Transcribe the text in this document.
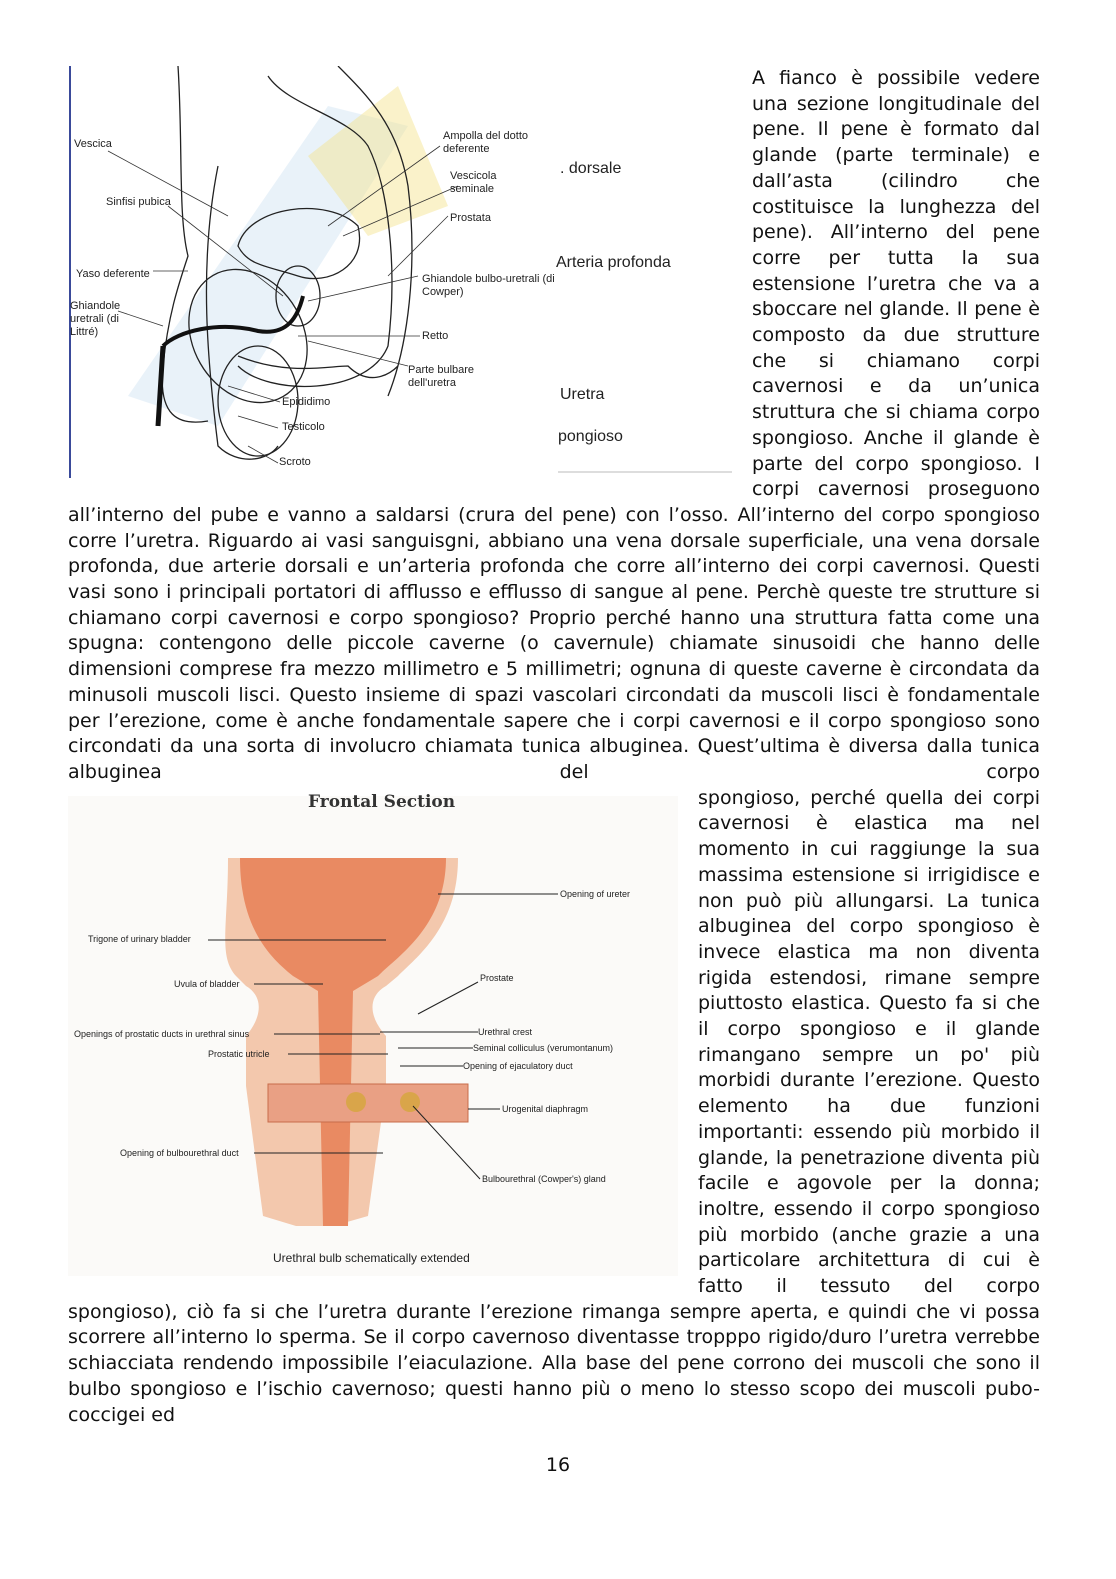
Vescica
Sinfisi pubica
Yaso deferente
Ghiandole uretrali (di Littré)
Ampolla del dotto deferente
Vescicola seminale
Prostata
Ghiandole bulbo-uretrali (di Cowper)
Retto
Parte bulbare dell'uretra
Epididimo
Testicolo
Scroto
. dorsale
Arteria profonda
Uretra
pongioso

A fianco è possibile vedere una sezione longitudinale del pene. Il pene è formato dal glande (parte terminale) e dall’asta (cilindro che costituisce la lunghezza del pene). All’interno del pene corre per tutta la sua estensione l’uretra che va a sboccare nel glande. Il pene è composto da due strutture che si chiamano corpi cavernosi e da un’unica struttura che si chiama corpo spongioso. Anche il glande è parte del corpo spongioso. I corpi cavernosi proseguono all’interno del pube e vanno a saldarsi (crura del pene) con l’osso. All’interno del corpo spongioso corre l’uretra. Riguardo ai vasi sanguisgni, abbiano una vena dorsale superficiale, una vena dorsale profonda, due arterie dorsali e un’arteria profonda che corre all’interno dei corpi cavernosi. Questi vasi sono i principali portatori di afflusso e efflusso di sangue al pene. Perchè queste tre strutture si chiamano corpi cavernosi e corpo spongioso? Proprio perché hanno una struttura fatta come una spugna: contengono delle piccole caverne (o cavernule) chiamate sinusoidi che hanno delle dimensioni comprese fra mezzo millimetro e 5 millimetri; ognuna di queste caverne è circondata da minusoli muscoli lisci. Questo insieme di spazi vascolari circondati da muscoli lisci è fondamentale per l’erezione, come è anche fondamentale sapere che i corpi cavernosi e il corpo spongioso sono circondati da una sorta di involucro chiamata tunica albuginea. Quest’ultima è diversa dalla tunica albuginea del corpo

Frontal Section
Trigone of urinary bladder
Uvula of bladder
Openings of prostatic ducts in urethral sinus
Prostatic utricle
Opening of bulbourethral duct
Opening of ureter
Prostate
Urethral crest
Seminal colliculus (verumontanum)
Opening of ejaculatory duct
Urogenital diaphragm
Bulbourethral (Cowper's) gland
Urethral bulb schematically extended

spongioso, perché quella dei corpi cavernosi è elastica ma nel momento in cui raggiunge la sua massima estensione si irrigidisce e non può più allungarsi. La tunica albuginea del corpo spongioso è invece elastica ma non diventa rigida estendosi, rimane sempre piuttosto elastica. Questo fa si che il corpo spongioso e il glande rimangano sempre un po' più morbidi durante l’erezione. Questo elemento ha due funzioni importanti: essendo più morbido il glande, la penetrazione diventa più facile e agovole per la donna; inoltre, essendo il corpo spongioso più morbido (anche grazie a una particolare architettura di cui è fatto il tessuto del corpo spongioso), ciò fa si che l’uretra durante l’erezione rimanga sempre aperta, e quindi che vi possa scorrere all’interno lo sperma. Se il corpo cavernoso diventasse tropppo rigido/duro l’uretra verrebbe schiacciata rendendo impossibile l’eiaculazione. Alla base del pene corrono dei muscoli che sono il bulbo spongioso e l’ischio cavernoso; questi hanno più o meno lo stesso scopo dei muscoli pubo-coccigei ed

16
